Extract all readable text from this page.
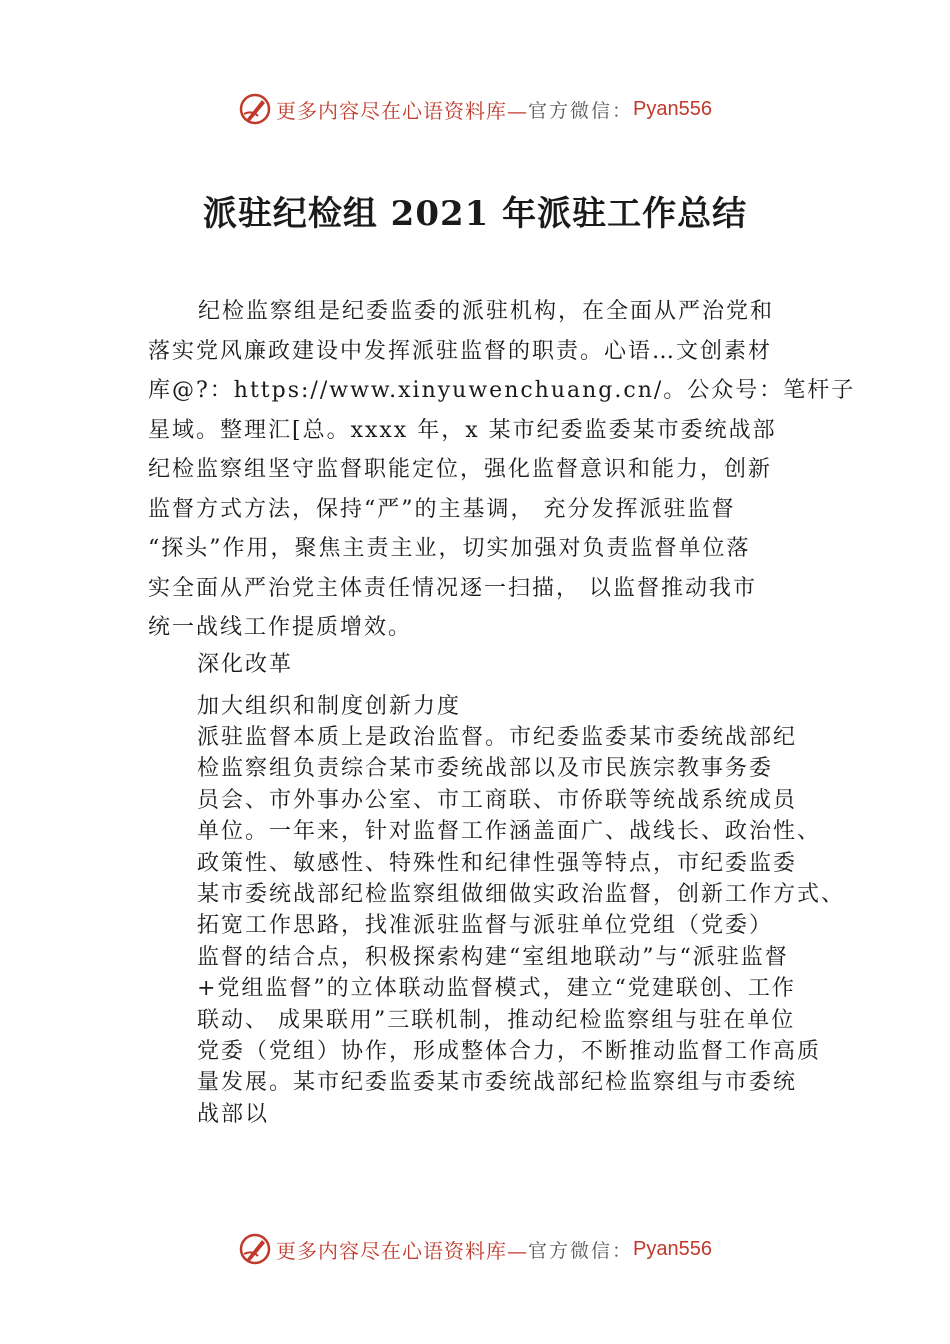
更多内容尽在心语资料库— 官方微信： Pyan556
派驻纪检组 2021 年派驻工作总结
纪检监察组是纪委监委的派驻机构，在全面从严治党和
落实党风廉政建设中发挥派驻监督的职责。心语…文创素材
库@?：https://www.xinyuwenchuang.cn/。公众号：笔杆子
星域。整理汇[总。xxxx 年，x 某市纪委监委某市委统战部
纪检监察组坚守监督职能定位，强化监督意识和能力，创新
监督方式方法，保持“严”的主基调， 充分发挥派驻监督
“探头”作用，聚焦主责主业，切实加强对负责监督单位落
实全面从严治党主体责任情况逐一扫描， 以监督推动我市
统一战线工作提质增效。

深化改革

加大组织和制度创新力度

派驻监督本质上是政治监督。市纪委监委某市委统战部纪
检监察组负责综合某市委统战部以及市民族宗教事务委
员会、市外事办公室、市工商联、市侨联等统战系统成员
单位。一年来，针对监督工作涵盖面广、战线长、政治性、
政策性、敏感性、特殊性和纪律性强等特点，市纪委监委
某市委统战部纪检监察组做细做实政治监督，创新工作方式、
拓宽工作思路，找准派驻监督与派驻单位党组（党委）
监督的结合点，积极探索构建“室组地联动”与“派驻监督
+党组监督”的立体联动监督模式，建立“党建联创、工作
联动、 成果联用”三联机制，推动纪检监察组与驻在单位
党委（党组）协作，形成整体合力，不断推动监督工作高质
量发展。某市纪委监委某市委统战部纪检监察组与市委统
战部以
更多内容尽在心语资料库— 官方微信： Pyan556
